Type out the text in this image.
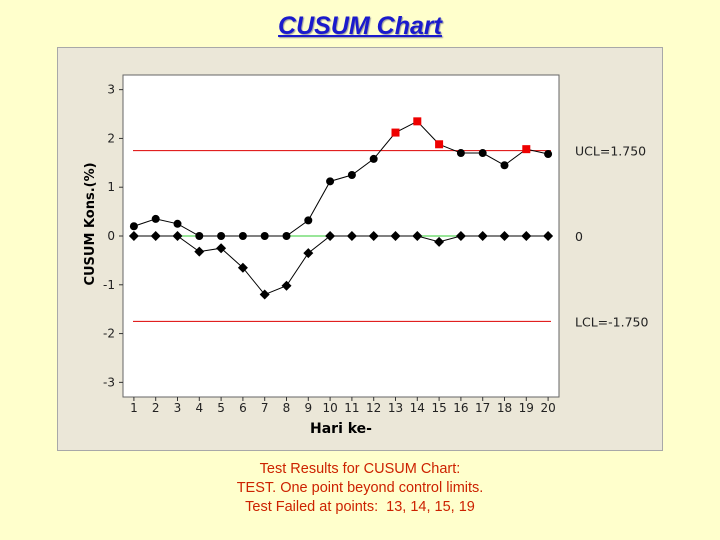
CUSUM Chart
3
2
1
0
-1
-2
-3
1 2 3 4 5 6 7 8 9 10 11 12 13 14 15 16 17 18 19 20
UCL=1.750
0
LCL=-1.750
Hari ke-
CUSUM Kons.(%)
Test Results for CUSUM Chart:
TEST. One point beyond control limits.
Test Failed at points:  13, 14, 15, 19
